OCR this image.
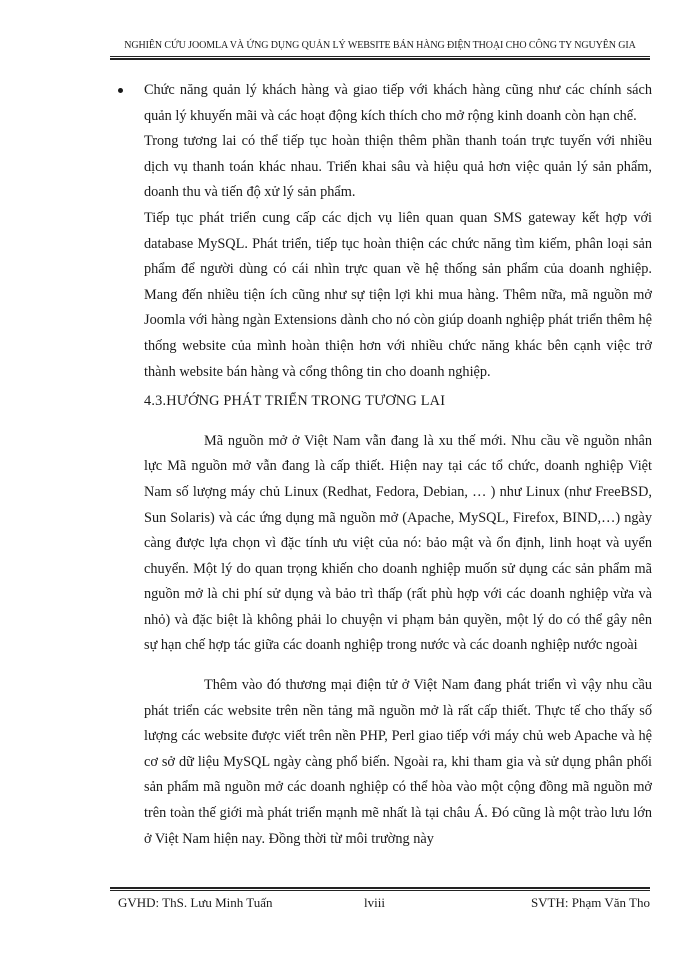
NGHIÊN CỨU JOOMLA VÀ ỨNG DỤNG QUẢN LÝ WEBSITE BÁN HÀNG ĐIỆN THOẠI CHO CÔNG TY NGUYÊN GIA

Chức năng quản lý khách hàng và giao tiếp với khách hàng cũng như các chính sách quản lý khuyến mãi và các hoạt động kích thích cho mở rộng kinh doanh còn hạn chế.

Trong tương lai có thể tiếp tục hoàn thiện thêm phần thanh toán trực tuyến với nhiều dịch vụ thanh toán khác nhau. Triển khai sâu và hiệu quả hơn việc quản lý sản phẩm, doanh thu và tiến độ xử lý sản phẩm.

Tiếp tục phát triển cung cấp các dịch vụ liên quan quan SMS gateway kết hợp với database MySQL. Phát triển, tiếp tục hoàn thiện các chức năng tìm kiếm, phân loại sản phẩm để người dùng có cái nhìn trực quan về hệ thống sản phẩm của doanh nghiệp. Mang đến nhiều tiện ích cũng như sự tiện lợi khi mua hàng. Thêm nữa, mã nguồn mở Joomla với hàng ngàn Extensions dành cho nó còn giúp doanh nghiệp phát triển thêm hệ thống website của mình hoàn thiện hơn với nhiều chức năng khác bên cạnh việc trở thành website bán hàng và cổng thông tin cho doanh nghiệp.

4.3.HƯỚNG PHÁT TRIỂN TRONG TƯƠNG LAI

Mã nguồn mở ở Việt Nam vẫn đang là xu thế mới. Nhu cầu về nguồn nhân lực Mã nguồn mở vẫn đang là cấp thiết. Hiện nay tại các tổ chức, doanh nghiệp Việt Nam số lượng máy chủ Linux (Redhat, Fedora, Debian, … ) như Linux (như FreeBSD, Sun Solaris) và các ứng dụng mã nguồn mở (Apache, MySQL, Firefox, BIND,…) ngày càng được lựa chọn vì đặc tính ưu việt của nó: bảo mật và ổn định, linh hoạt và uyển chuyển. Một lý do quan trọng khiến cho doanh nghiệp muốn sử dụng các sản phẩm mã nguồn mở là chi phí sử dụng và bảo trì thấp (rất phù hợp với các doanh nghiệp vừa và nhỏ) và đặc biệt là không phải lo chuyện vi phạm bản quyền, một lý do có thể gây nên sự hạn chế hợp tác giữa các doanh nghiệp trong nước và các doanh nghiệp nước ngoài

Thêm vào đó thương mại điện tử ở Việt Nam đang phát triển vì vậy nhu cầu phát triển các website trên nền tảng mã nguồn mở là rất cấp thiết. Thực tế cho thấy số lượng các website được viết trên nền PHP, Perl giao tiếp với máy chủ web Apache và hệ cơ sở dữ liệu MySQL ngày càng phổ biến. Ngoài ra, khi tham gia và sử dụng phân phối sản phẩm mã nguồn mở các doanh nghiệp có thể hòa vào một cộng đồng mã nguồn mở trên toàn thế giới mà phát triển mạnh mẽ nhất là tại châu Á. Đó cũng là một trào lưu lớn ở Việt Nam hiện nay. Đồng thời từ môi trường này

GVHD: ThS. Lưu Minh Tuấn	lviii	SVTH: Phạm Văn Tho
